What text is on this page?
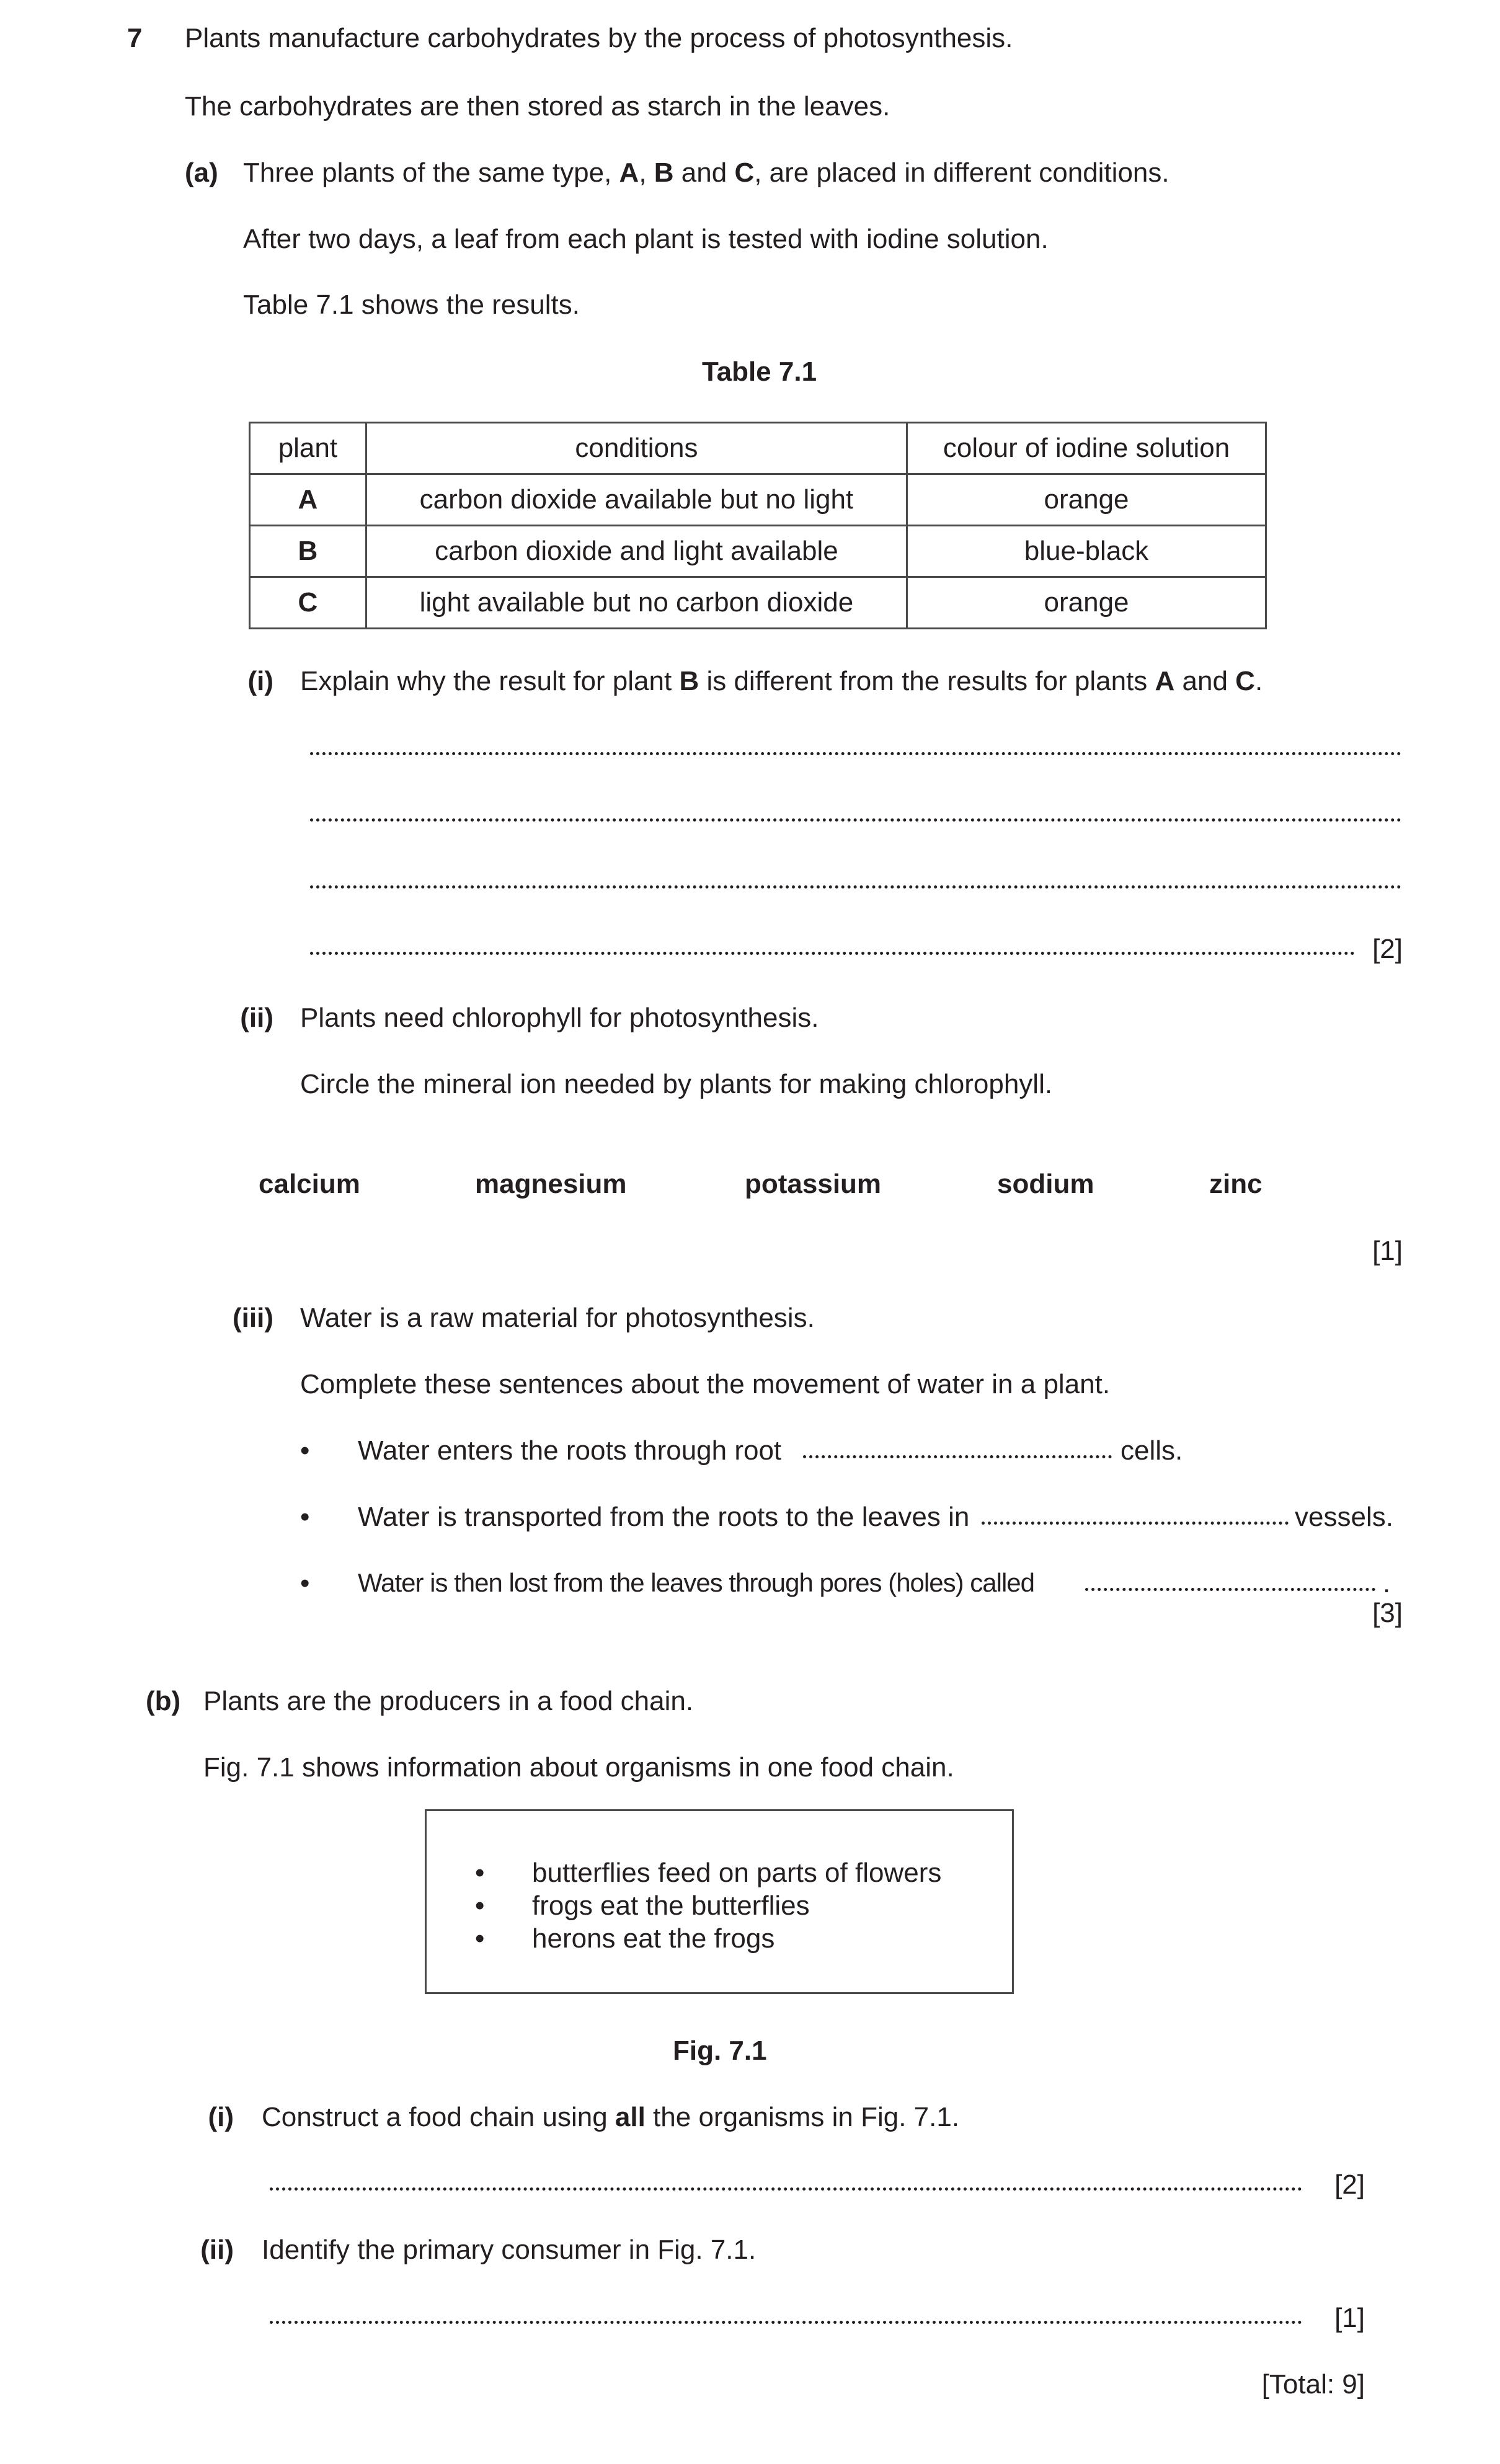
7 Plants manufacture carbohydrates by the process of photosynthesis.
The carbohydrates are then stored as starch in the leaves.
(a) Three plants of the same type, A, B and C, are placed in different conditions.
After two days, a leaf from each plant is tested with iodine solution.
Table 7.1 shows the results.
Table 7.1
plant	conditions	colour of iodine solution
A	carbon dioxide available but no light	orange
B	carbon dioxide and light available	blue-black
C	light available but no carbon dioxide	orange
(i) Explain why the result for plant B is different from the results for plants A and C.
[2]
(ii) Plants need chlorophyll for photosynthesis.
Circle the mineral ion needed by plants for making chlorophyll.
calcium	magnesium	potassium	sodium	zinc
[1]
(iii) Water is a raw material for photosynthesis.
Complete these sentences about the movement of water in a plant.
• Water enters the roots through root	cells.
• Water is transported from the roots to the leaves in	vessels.
• Water is then lost from the leaves through pores (holes) called	.
[3]
(b) Plants are the producers in a food chain.
Fig. 7.1 shows information about organisms in one food chain.
• butterflies feed on parts of flowers
• frogs eat the butterflies
• herons eat the frogs
Fig. 7.1
(i) Construct a food chain using all the organisms in Fig. 7.1.
[2]
(ii) Identify the primary consumer in Fig. 7.1.
[1]
[Total: 9]
